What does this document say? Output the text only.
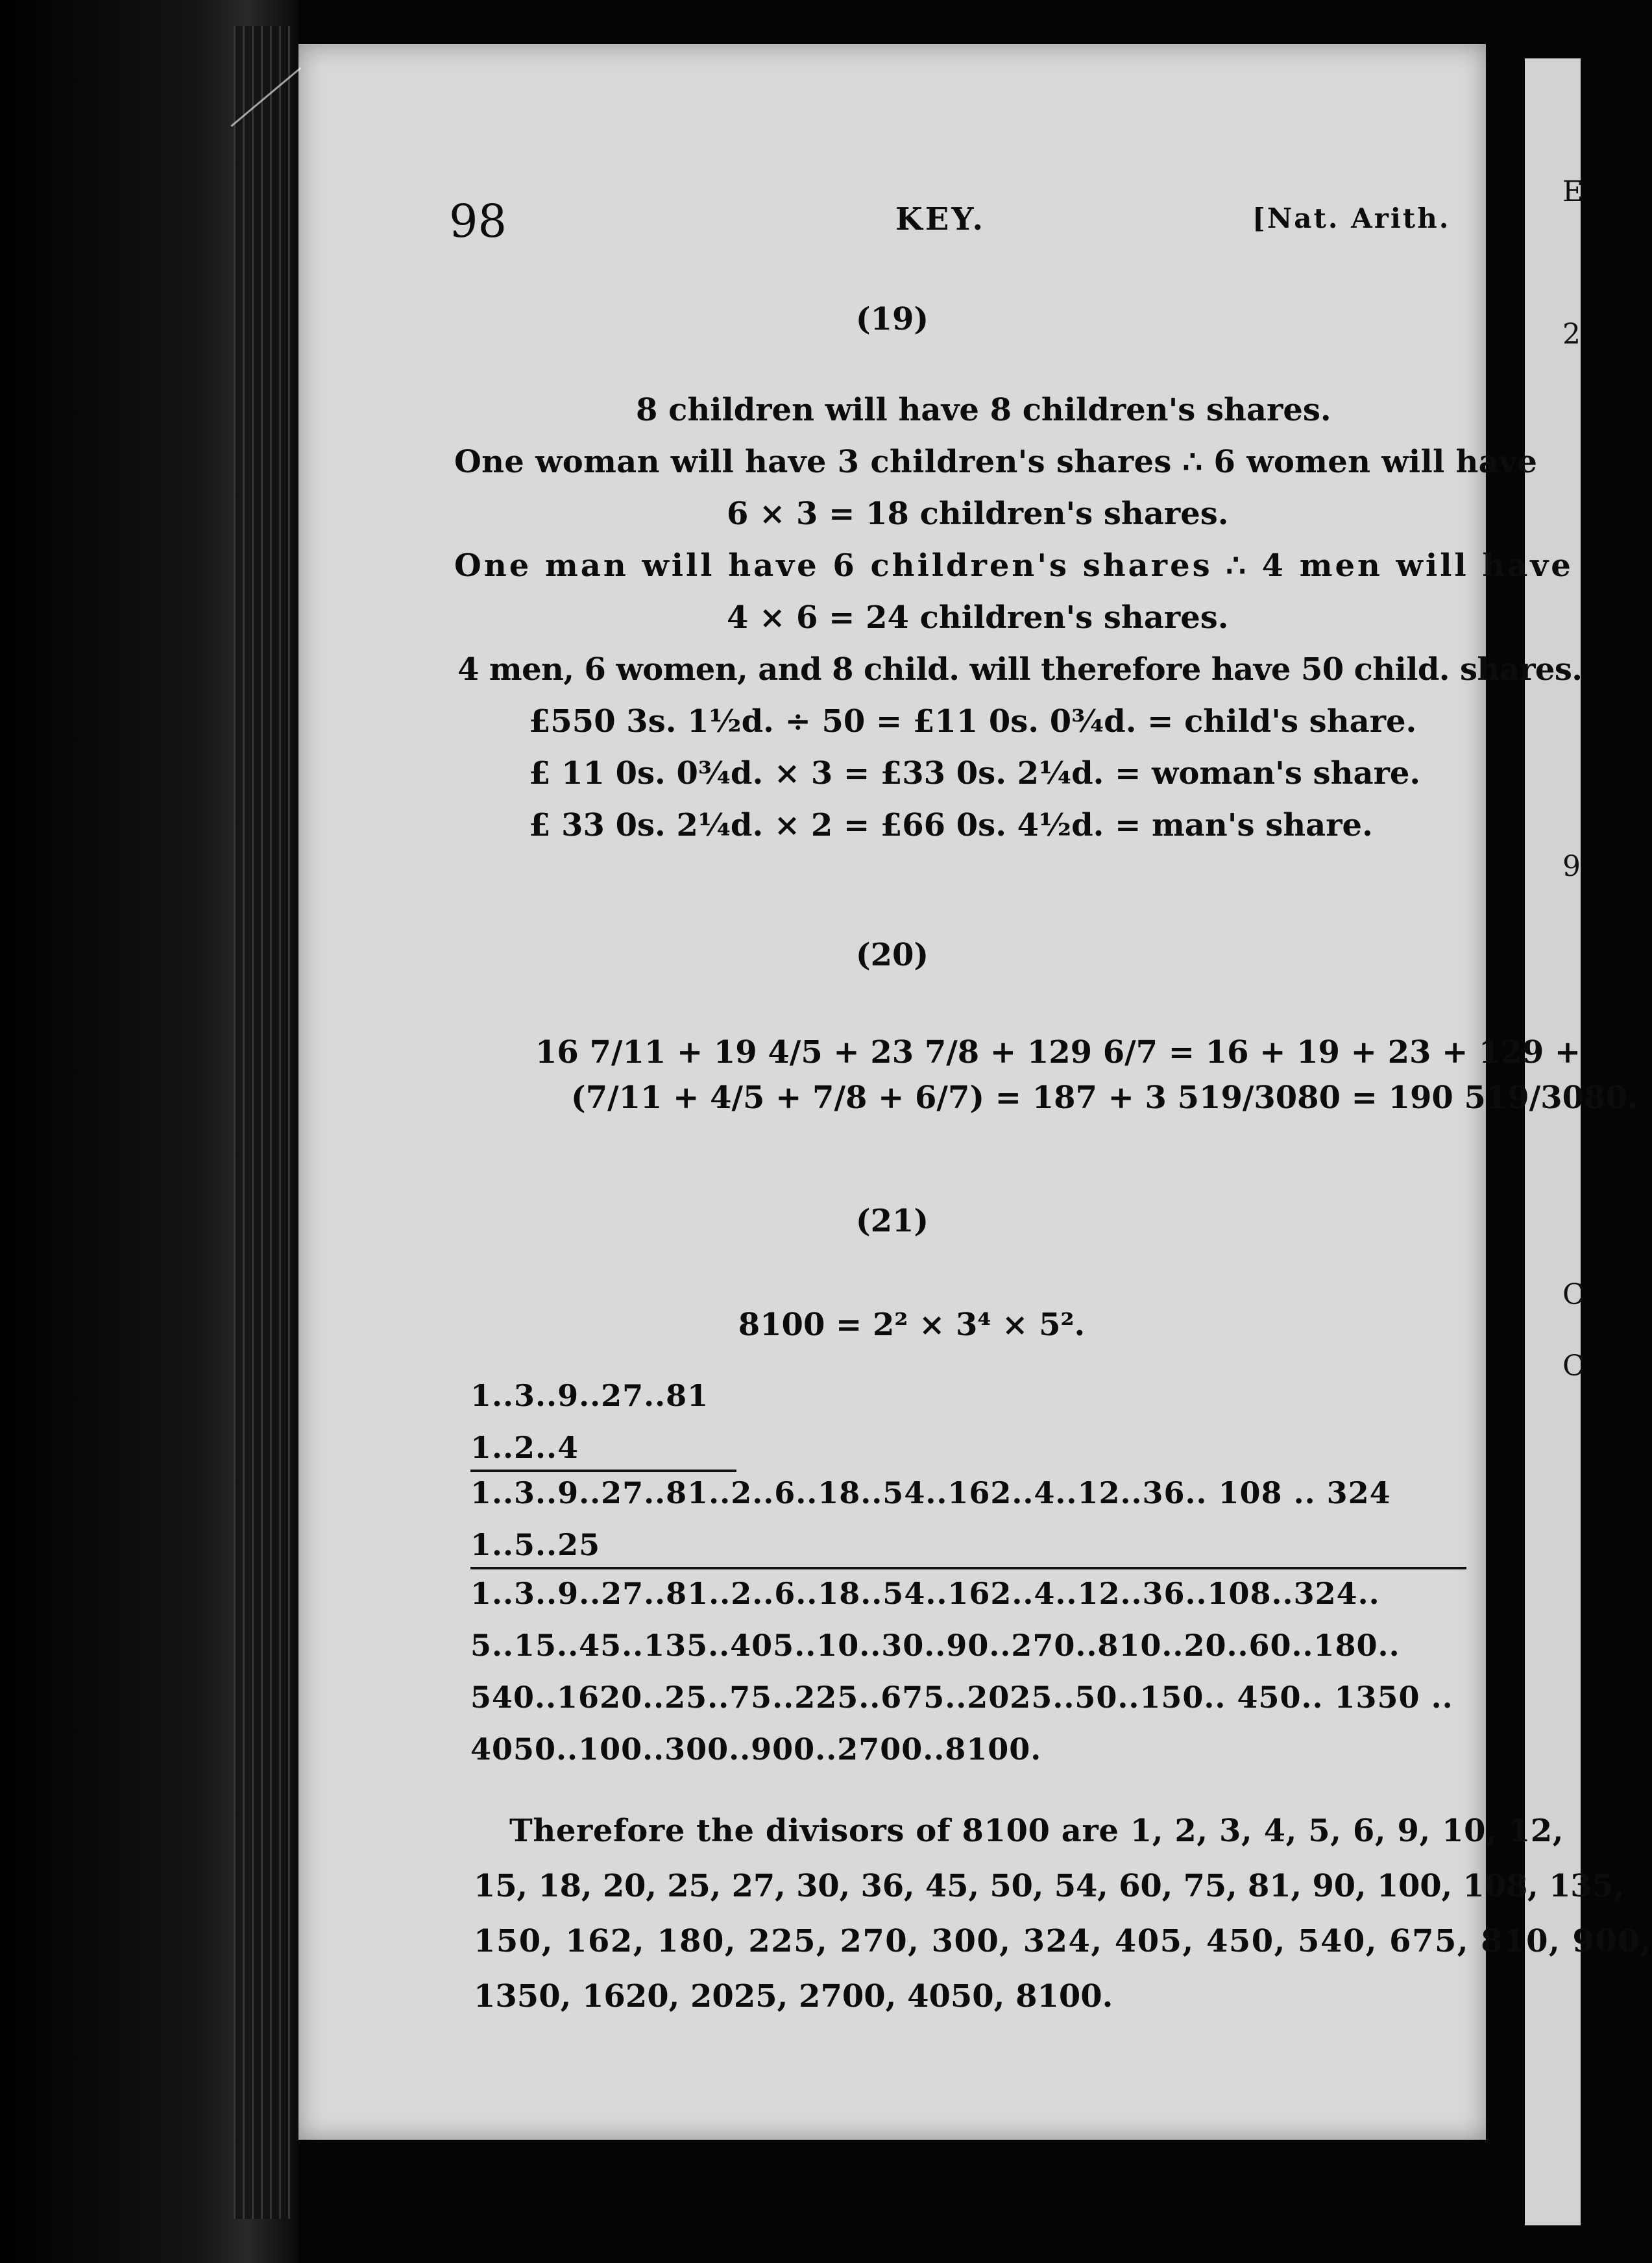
E
2
9
C
C
98	KEY.	[Nat. Arith.
(19)
8 children will have 8 children's shares.
One woman will have 3 children's shares ∴ 6 women will have
6 × 3 = 18 children's shares.
One man will have 6 children's shares ∴ 4 men will have
4 × 6 = 24 children's shares.
4 men, 6 women, and 8 child. will therefore have 50 child. shares.
£550 3s. 1½d. ÷ 50 = £11 0s. 0¾d. = child's share.
£ 11 0s. 0¾d. × 3 = £33 0s. 2¼d. = woman's share.
£ 33 0s. 2¼d. × 2 = £66 0s. 4½d. = man's share.
(20)
16 7/11 + 19 4/5 + 23 7/8 + 129 6/7 = 16 + 19 + 23 + 129 +
(7/11 + 4/5 + 7/8 + 6/7) = 187 + 3 519/3080 = 190 519/3080.
(21)
8100 = 2² × 3⁴ × 5².
1..3..9..27..81
1..2..4
1..3..9..27..81..2..6..18..54..162..4..12..36.. 108 .. 324
1..5..25
1..3..9..27..81..2..6..18..54..162..4..12..36..108..324..
5..15..45..135..405..10..30..90..270..810..20..60..180..
540..1620..25..75..225..675..2025..50..150.. 450.. 1350 ..
4050..100..300..900..2700..8100.
Therefore the divisors of 8100 are 1, 2, 3, 4, 5, 6, 9, 10, 12,
15, 18, 20, 25, 27, 30, 36, 45, 50, 54, 60, 75, 81, 90, 100, 108, 135,
150, 162, 180, 225, 270, 300, 324, 405, 450, 540, 675, 810, 900,
1350, 1620, 2025, 2700, 4050, 8100.
